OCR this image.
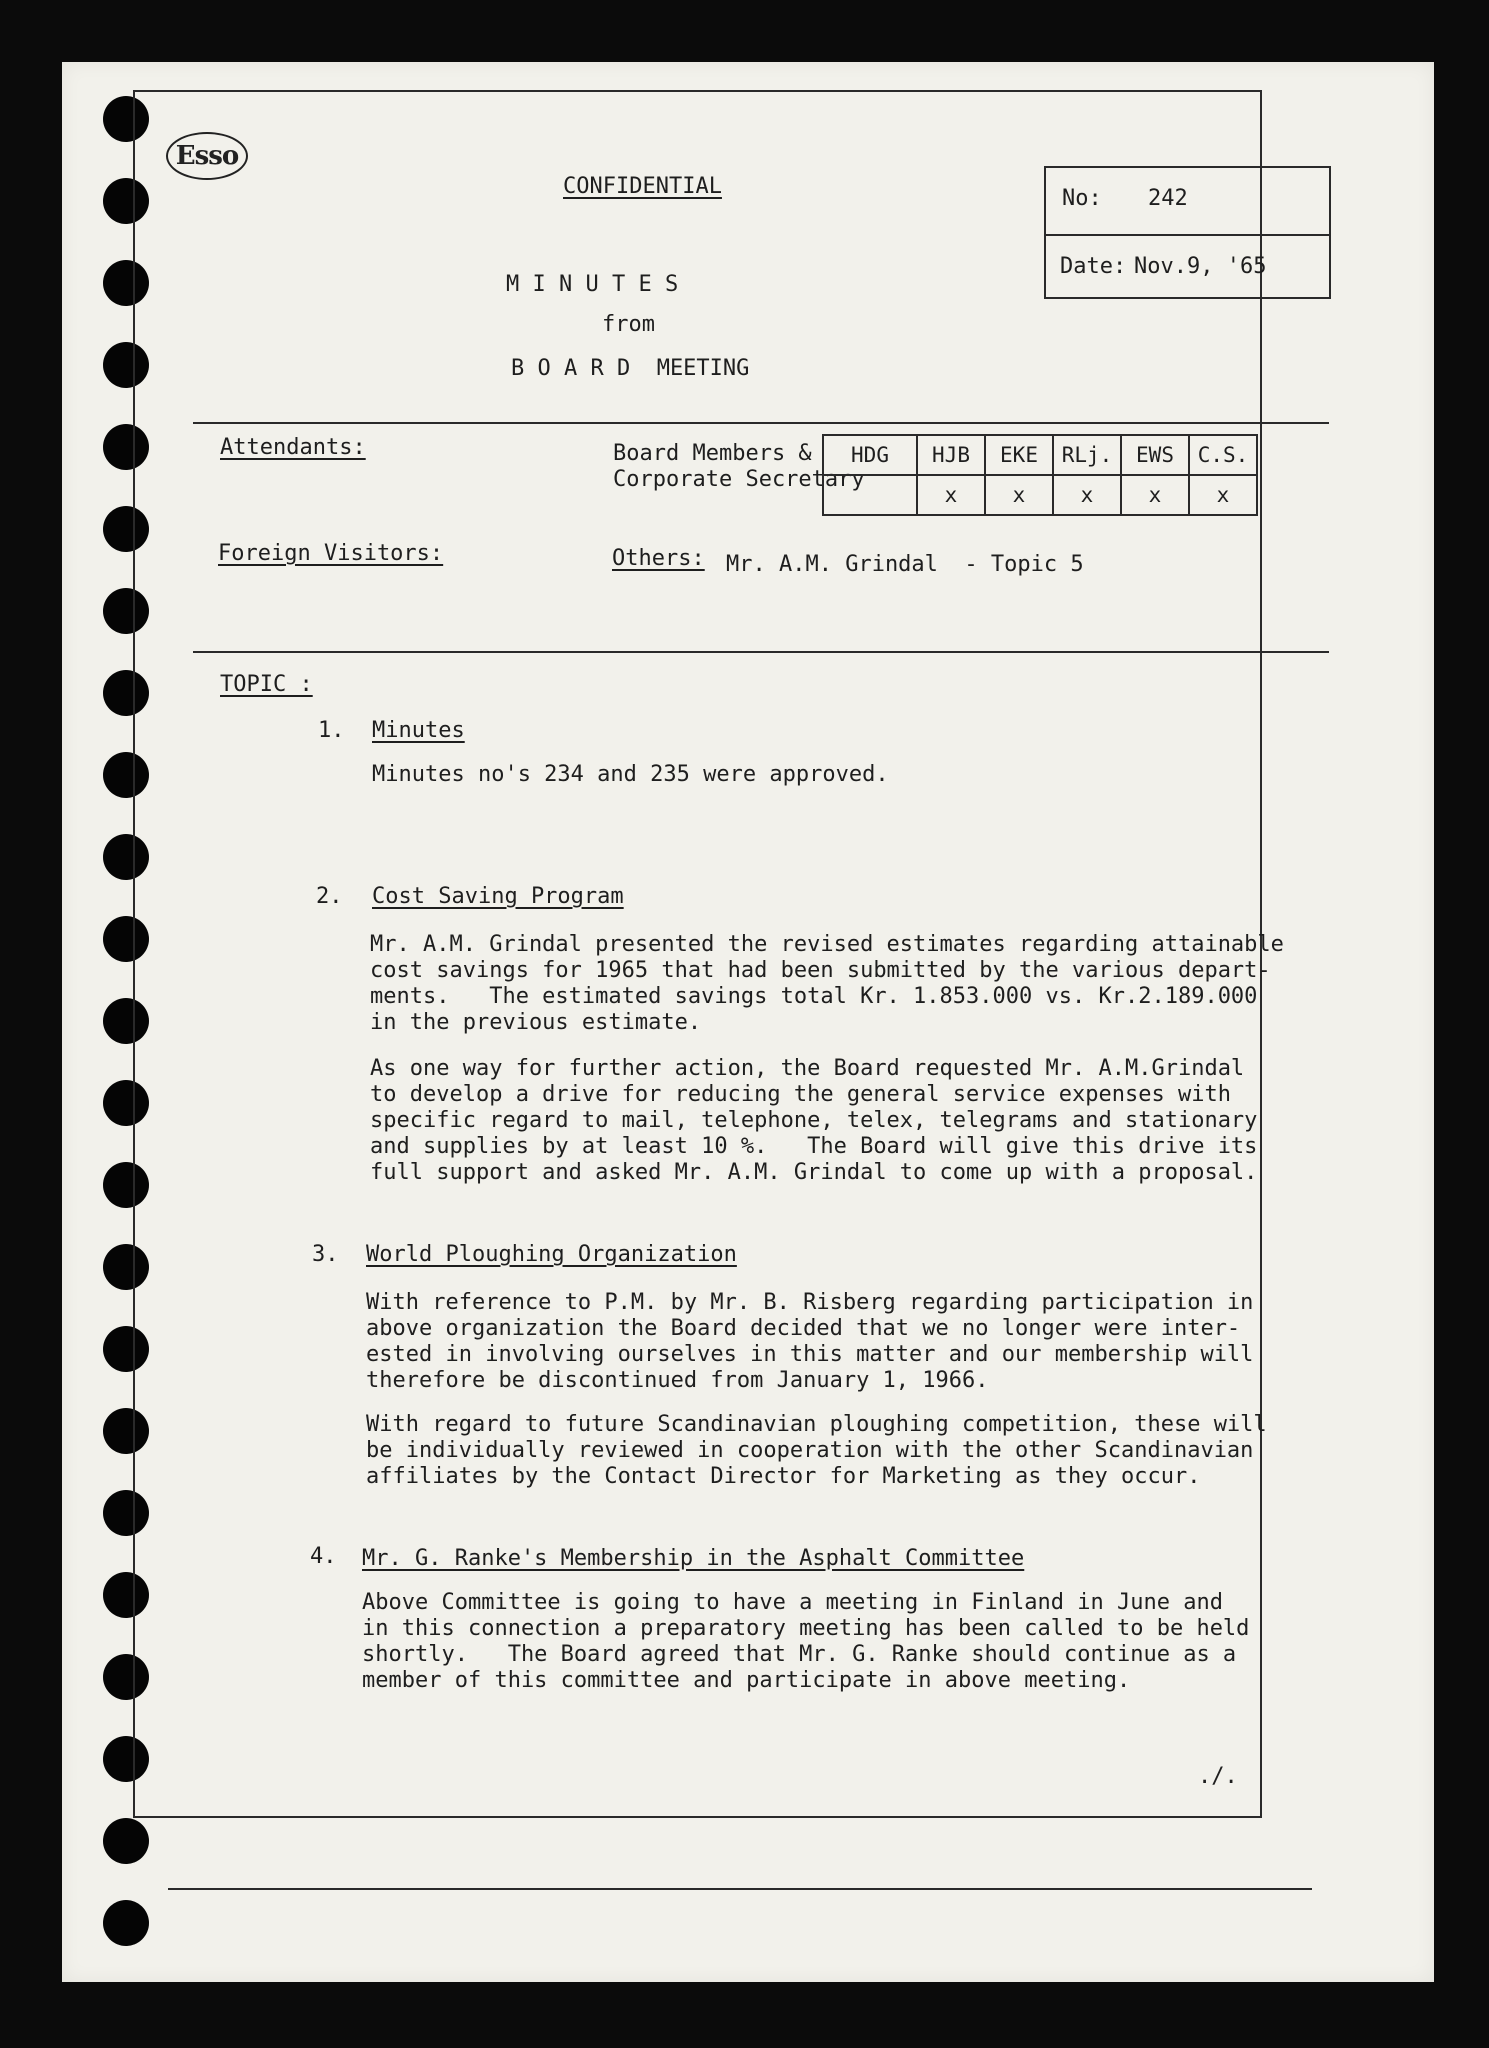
Esso
CONFIDENTIAL
M I N U T E S
from
B O A R D  MEETING
No: 242
Date: Nov.9, '65
Attendants:	Board Members &
Corporate Secretary
HDG	HJB	EKE	RLj.	EWS	C.S.
	x	x	x	x	x
Foreign Visitors:	Others: Mr. A.M. Grindal  - Topic 5
TOPIC :
1. Minutes
Minutes no's 234 and 235 were approved.
2. Cost Saving Program
Mr. A.M. Grindal presented the revised estimates regarding attainable
cost savings for 1965 that had been submitted by the various depart-
ments.   The estimated savings total Kr. 1.853.000 vs. Kr.2.189.000
in the previous estimate.
As one way for further action, the Board requested Mr. A.M.Grindal
to develop a drive for reducing the general service expenses with
specific regard to mail, telephone, telex, telegrams and stationary
and supplies by at least 10 %.   The Board will give this drive its
full support and asked Mr. A.M. Grindal to come up with a proposal.
3. World Ploughing Organization
With reference to P.M. by Mr. B. Risberg regarding participation in
above organization the Board decided that we no longer were inter-
ested in involving ourselves in this matter and our membership will
therefore be discontinued from January 1, 1966.
With regard to future Scandinavian ploughing competition, these will
be individually reviewed in cooperation with the other Scandinavian
affiliates by the Contact Director for Marketing as they occur.
4. Mr. G. Ranke's Membership in the Asphalt Committee
Above Committee is going to have a meeting in Finland in June and
in this connection a preparatory meeting has been called to be held
shortly.   The Board agreed that Mr. G. Ranke should continue as a
member of this committee and participate in above meeting.
./.
